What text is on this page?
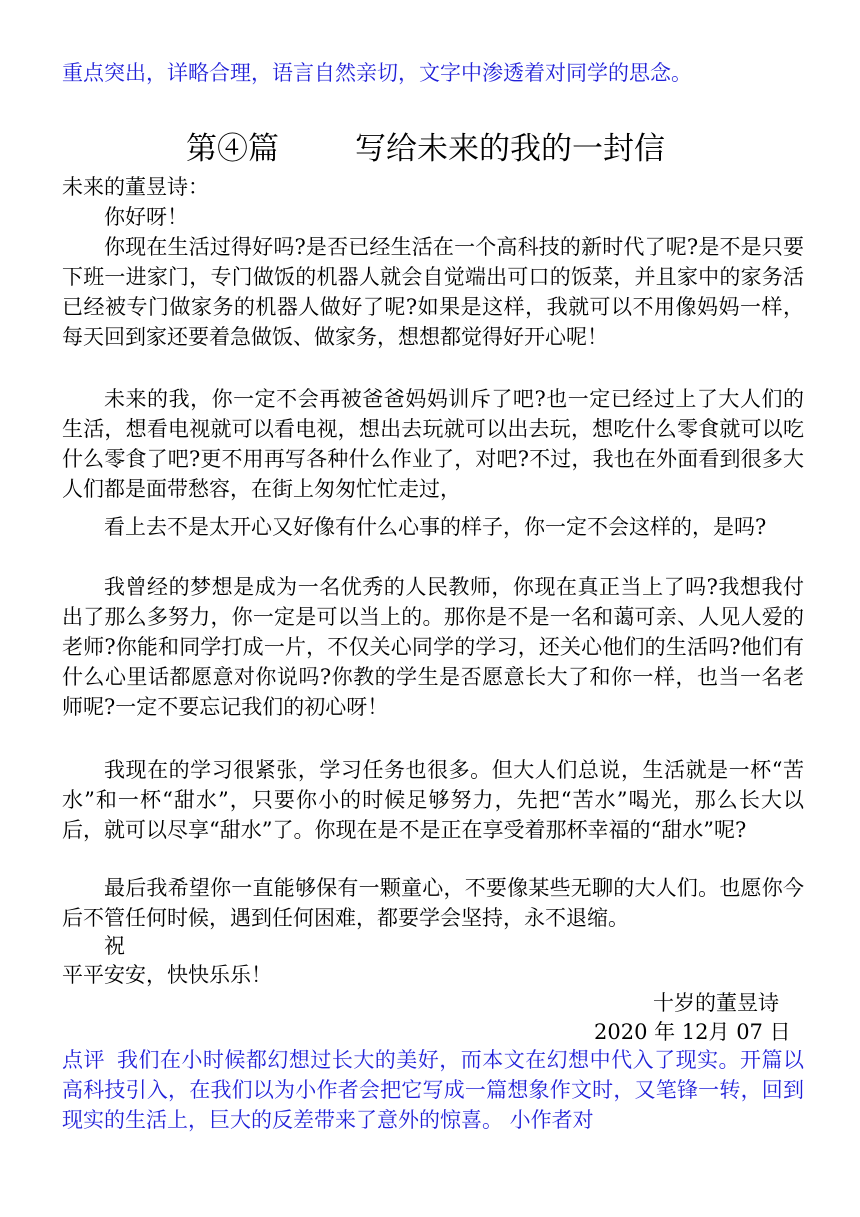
重点突出，详略合理，语言自然亲切，文字中渗透着对同学的思念。
第④篇 写给未来的我的一封信
未来的董昱诗：
你好呀！
你现在生活过得好吗?是否已经生活在一个高科技的新时代了呢?是不是只要下班一进家门，专门做饭的机器人就会自觉端出可口的饭菜，并且家中的家务活已经被专门做家务的机器人做好了呢?如果是这样，我就可以不用像妈妈一样，每天回到家还要着急做饭、做家务，想想都觉得好开心呢！
未来的我，你一定不会再被爸爸妈妈训斥了吧?也一定已经过上了大人们的生活，想看电视就可以看电视，想出去玩就可以出去玩，想吃什么零食就可以吃什么零食了吧?更不用再写各种什么作业了，对吧?不过，我也在外面看到很多大人们都是面带愁容，在街上匆匆忙忙走过，
看上去不是太开心又好像有什么心事的样子，你一定不会这样的，是吗?
我曾经的梦想是成为一名优秀的人民教师，你现在真正当上了吗?我想我付出了那么多努力，你一定是可以当上的。那你是不是一名和蔼可亲、人见人爱的老师?你能和同学打成一片，不仅关心同学的学习，还关心他们的生活吗?他们有什么心里话都愿意对你说吗?你教的学生是否愿意长大了和你一样，也当一名老师呢?一定不要忘记我们的初心呀！
我现在的学习很紧张，学习任务也很多。但大人们总说，生活就是一杯“苦水”和一杯“甜水”，只要你小的时候足够努力，先把“苦水”喝光，那么长大以后，就可以尽享“甜水”了。你现在是不是正在享受着那杯幸福的“甜水”呢?
最后我希望你一直能够保有一颗童心，不要像某些无聊的大人们。也愿你今后不管任何时候，遇到任何困难，都要学会坚持，永不退缩。
祝
平平安安，快快乐乐！
十岁的董昱诗
2020 年 12月 07 日
点评 我们在小时候都幻想过长大的美好，而本文在幻想中代入了现实。开篇以高科技引入，在我们以为小作者会把它写成一篇想象作文时，又笔锋一转，回到现实的生活上，巨大的反差带来了意外的惊喜。 小作者对
